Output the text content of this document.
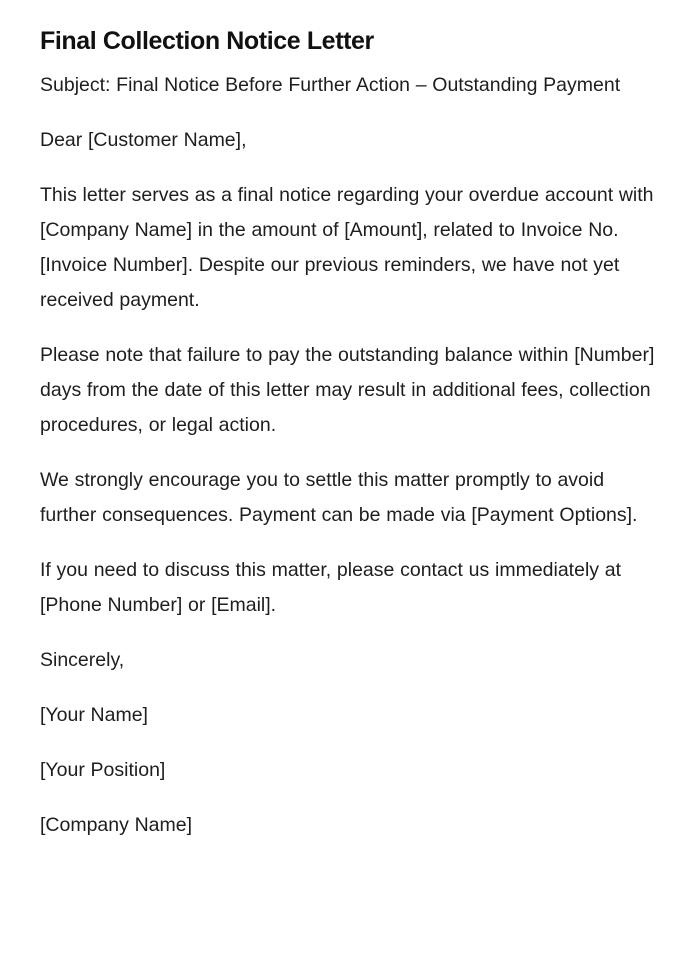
Final Collection Notice Letter

Subject: Final Notice Before Further Action – Outstanding Payment

Dear [Customer Name],

This letter serves as a final notice regarding your overdue account with [Company Name] in the amount of [Amount], related to Invoice No. [Invoice Number]. Despite our previous reminders, we have not yet received payment.

Please note that failure to pay the outstanding balance within [Number] days from the date of this letter may result in additional fees, collection procedures, or legal action.

We strongly encourage you to settle this matter promptly to avoid further consequences. Payment can be made via [Payment Options].

If you need to discuss this matter, please contact us immediately at [Phone Number] or [Email].

Sincerely,

[Your Name]

[Your Position]

[Company Name]
